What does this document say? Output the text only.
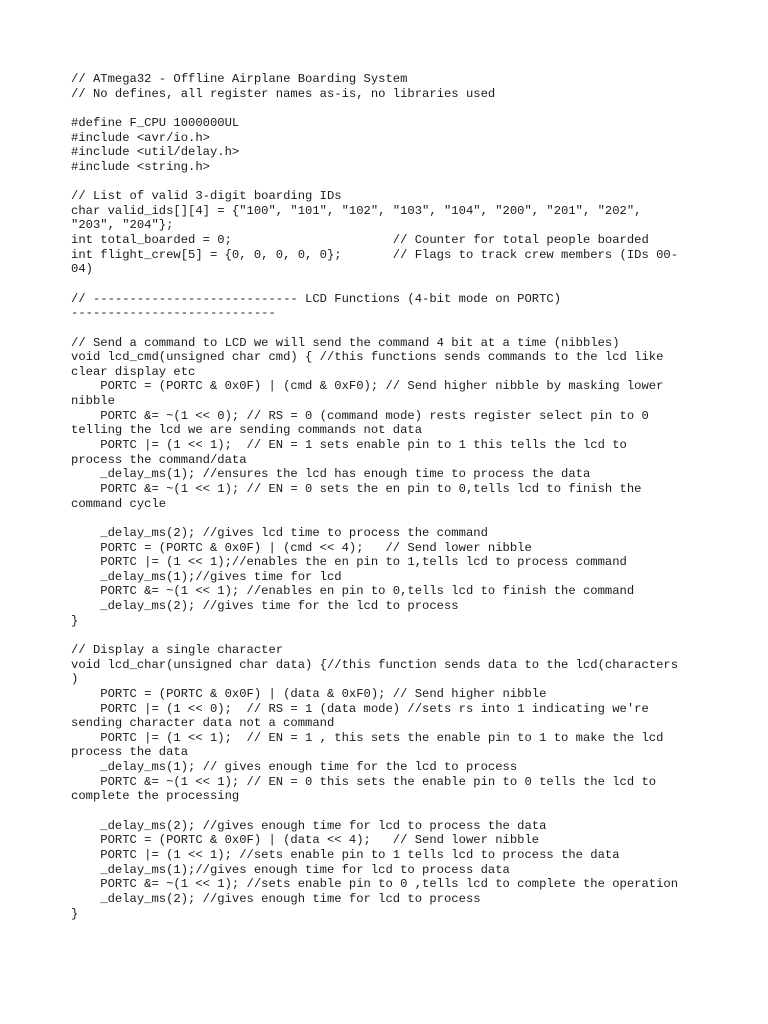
// ATmega32 - Offline Airplane Boarding System
// No defines, all register names as-is, no libraries used
#define F_CPU 1000000UL
#include <avr/io.h>
#include <util/delay.h>
#include <string.h>
// List of valid 3-digit boarding IDs
char valid_ids[][4] = {"100", "101", "102", "103", "104", "200", "201", "202",
"203", "204"};
int total_boarded = 0;                      // Counter for total people boarded
int flight_crew[5] = {0, 0, 0, 0, 0};       // Flags to track crew members (IDs 00-
04)
// ---------------------------- LCD Functions (4-bit mode on PORTC)
----------------------------
// Send a command to LCD we will send the command 4 bit at a time (nibbles)
void lcd_cmd(unsigned char cmd) { //this functions sends commands to the lcd like
clear display etc
PORTC = (PORTC & 0x0F) | (cmd & 0xF0); // Send higher nibble by masking lower
nibble
PORTC &= ~(1 << 0); // RS = 0 (command mode) rests register select pin to 0
telling the lcd we are sending commands not data
PORTC |= (1 << 1);  // EN = 1 sets enable pin to 1 this tells the lcd to
process the command/data
_delay_ms(1); //ensures the lcd has enough time to process the data
PORTC &= ~(1 << 1); // EN = 0 sets the en pin to 0,tells lcd to finish the
command cycle
_delay_ms(2); //gives lcd time to process the command
PORTC = (PORTC & 0x0F) | (cmd << 4);   // Send lower nibble
PORTC |= (1 << 1);//enables the en pin to 1,tells lcd to process command
_delay_ms(1);//gives time for lcd
PORTC &= ~(1 << 1); //enables en pin to 0,tells lcd to finish the command
_delay_ms(2); //gives time for the lcd to process
}
// Display a single character
void lcd_char(unsigned char data) {//this function sends data to the lcd(characters
)
PORTC = (PORTC & 0x0F) | (data & 0xF0); // Send higher nibble
PORTC |= (1 << 0);  // RS = 1 (data mode) //sets rs into 1 indicating we're
sending character data not a command
PORTC |= (1 << 1);  // EN = 1 , this sets the enable pin to 1 to make the lcd
process the data
_delay_ms(1); // gives enough time for the lcd to process
PORTC &= ~(1 << 1); // EN = 0 this sets the enable pin to 0 tells the lcd to
complete the processing
_delay_ms(2); //gives enough time for lcd to process the data
PORTC = (PORTC & 0x0F) | (data << 4);   // Send lower nibble
PORTC |= (1 << 1); //sets enable pin to 1 tells lcd to process the data
_delay_ms(1);//gives enough time for lcd to process data
PORTC &= ~(1 << 1); //sets enable pin to 0 ,tells lcd to complete the operation
_delay_ms(2); //gives enough time for lcd to process
}
